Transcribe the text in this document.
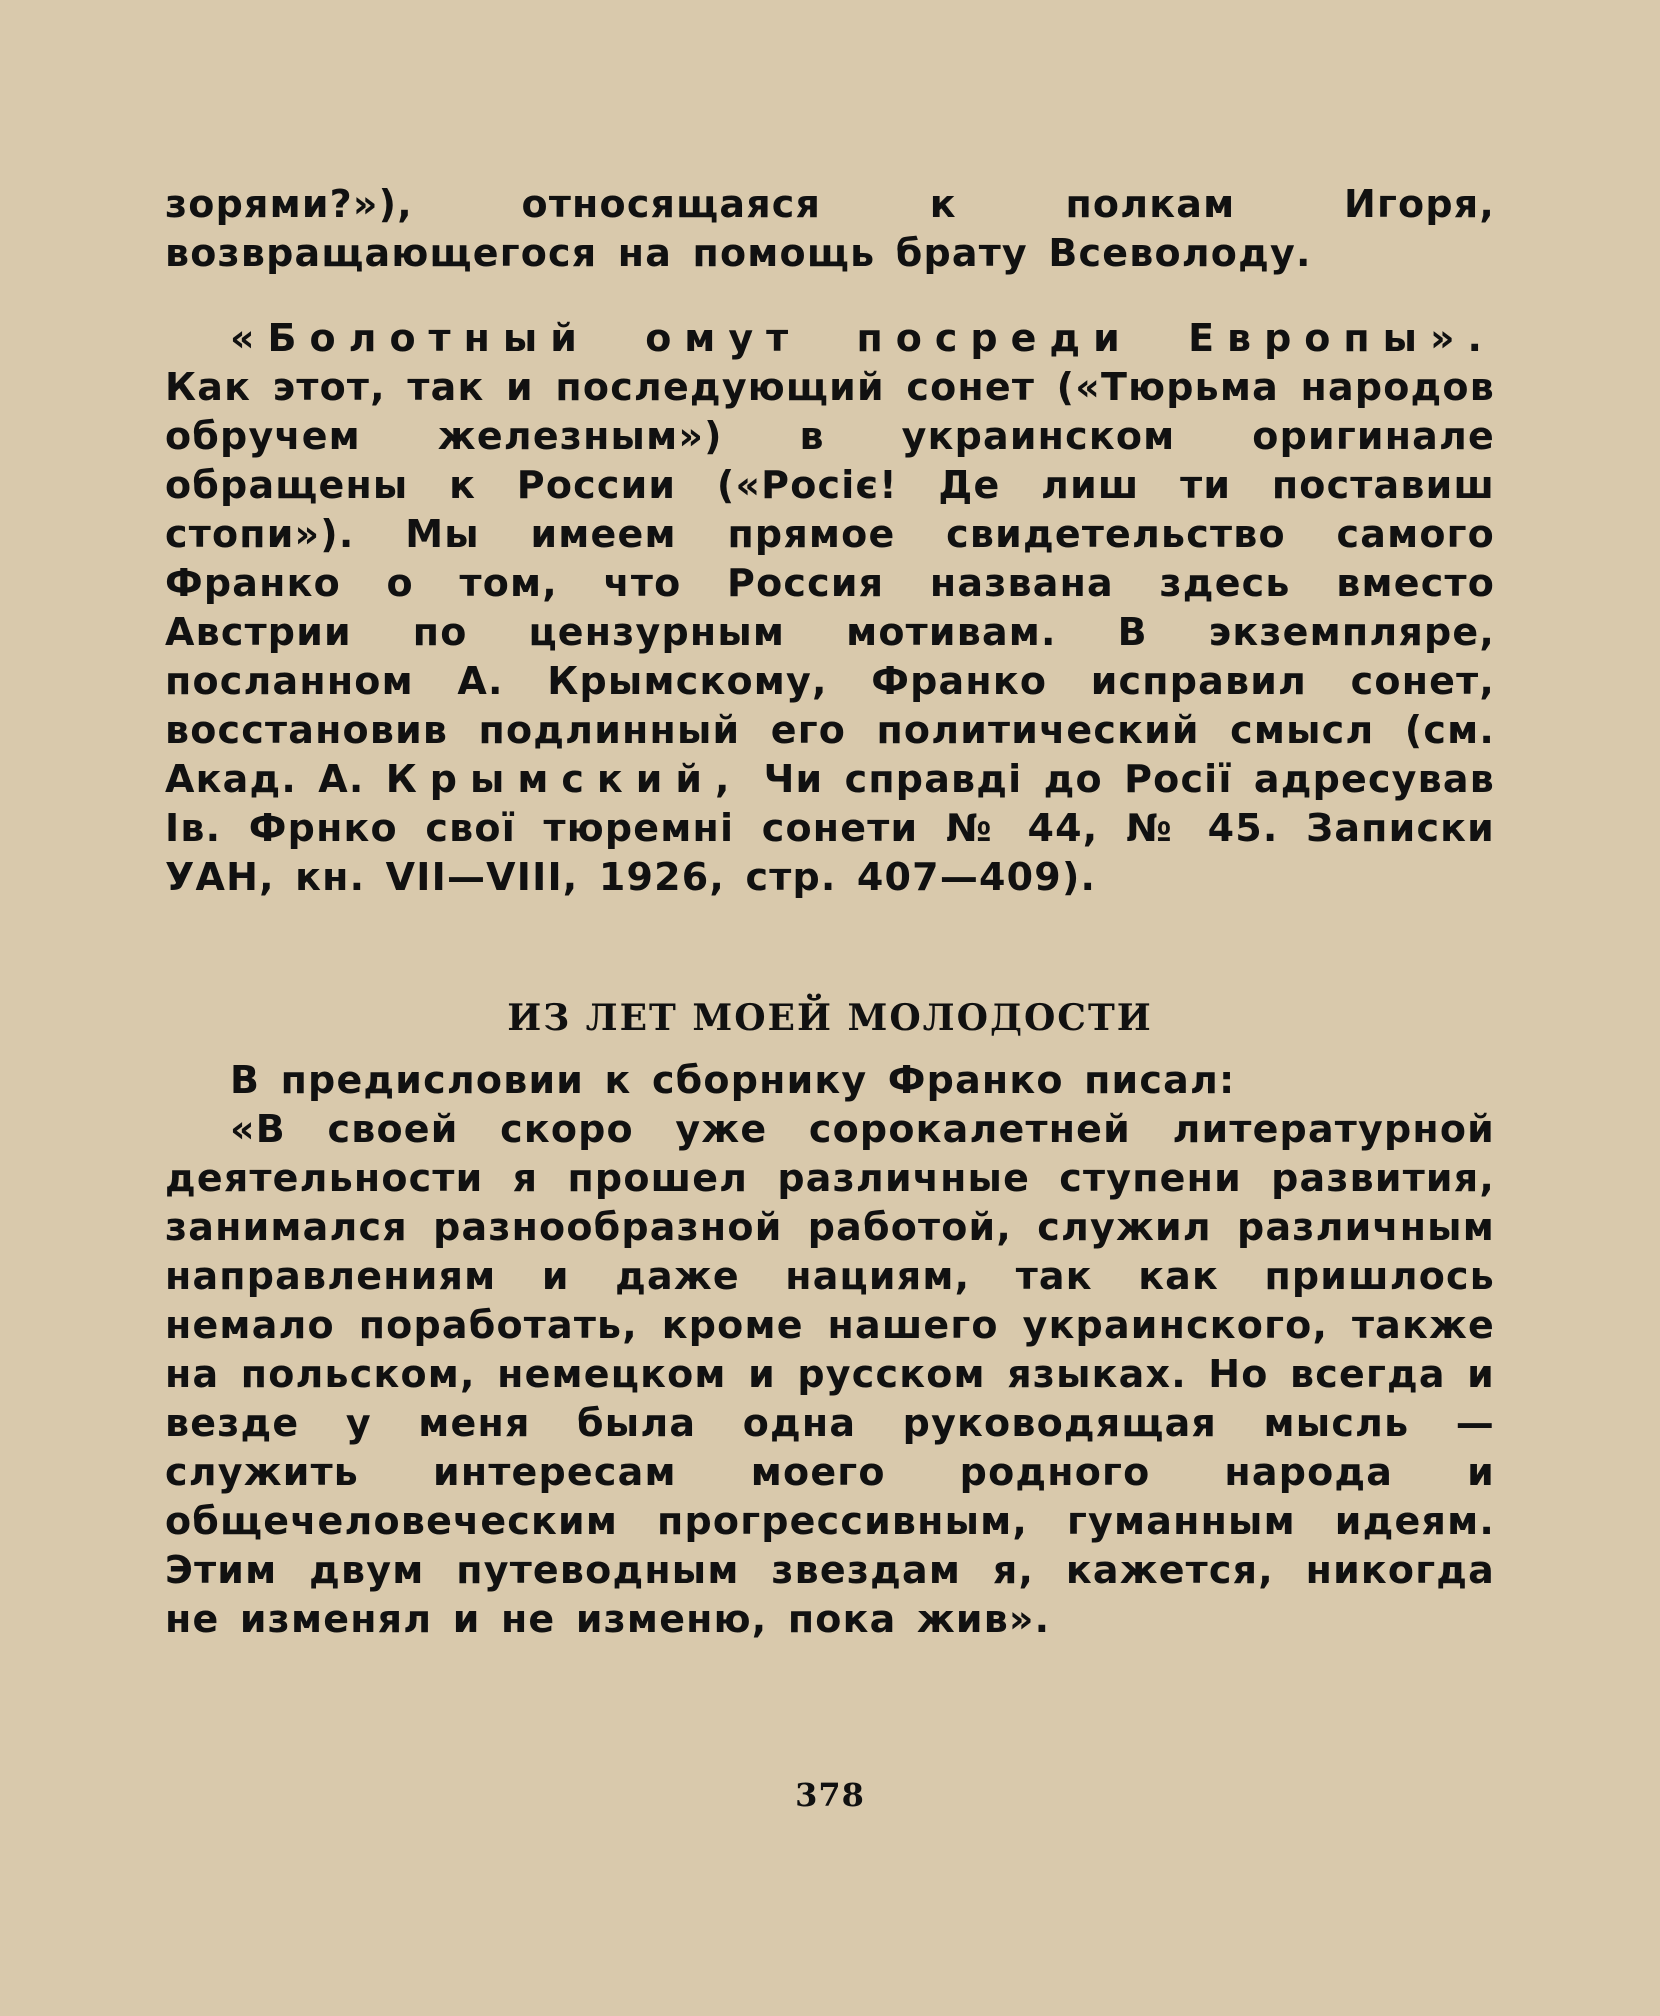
зорями?»), относящаяся к полкам Игоря, возвращающегося на помощь брату Всеволоду.

«Болотный омут посреди Европы». Как этот, так и последующий сонет («Тюрьма народов обручем железным») в украинском оригинале обращены к России («Pociє! Де лиш ти поставиш стопи»). Мы имеем прямое свидетельство самого Франко о том, что Россия названа здесь вместо Австрии по цензурным мотивам. В экземпляре, посланном А. Крымскому, Франко исправил сонет, восстановив подлинный его политический смысл (см. Акад. А. Крымский, Чи справді до Росії адресував Ів. Фрнко свої тюремні сонети № 44, № 45. Записки УАН, кн. VII—VIII, 1926, стр. 407—409).

ИЗ ЛЕТ МОЕЙ МОЛОДОСТИ

В предисловии к сборнику Франко писал:

«В своей скоро уже сорокалетней литературной деятельности я прошел различные ступени развития, занимался разнообразной работой, служил различным направлениям и даже нациям, так как пришлось немало поработать, кроме нашего украинского, также на польском, немецком и русском языках. Но всегда и везде у меня была одна руководящая мысль — служить интересам моего родного народа и общечеловеческим прогрессивным, гуманным идеям. Этим двум путеводным звездам я, кажется, никогда не изменял и не изменю, пока жив».

378
